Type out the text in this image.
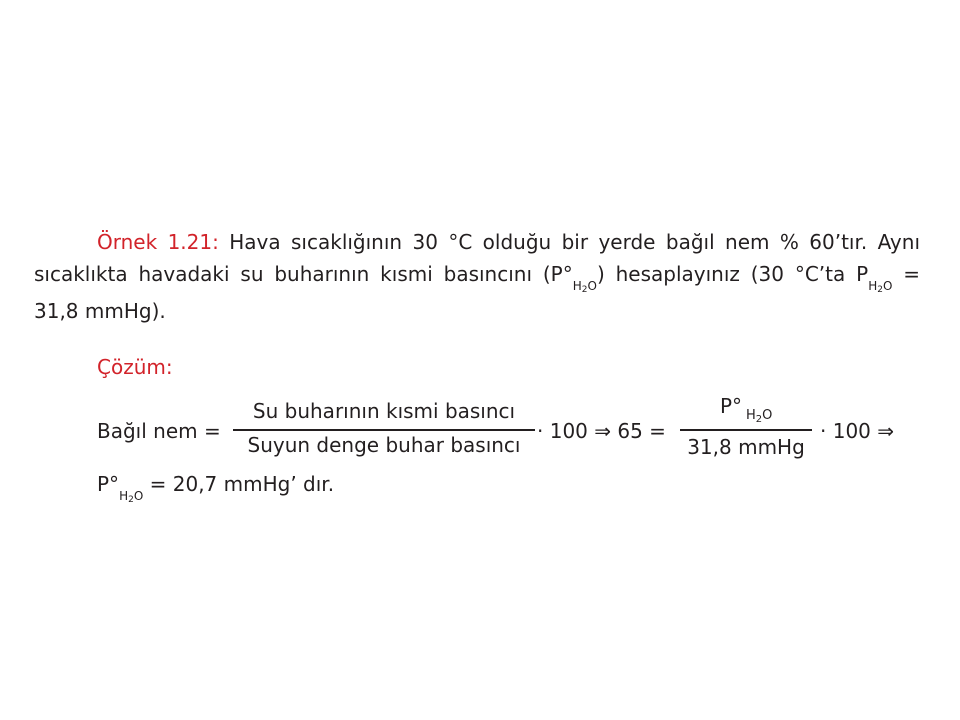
Örnek 1.21: Hava sıcaklığının 30 °C olduğu bir yerde bağıl nem % 60’tır. Aynı sıcaklıkta havadaki su buharının kısmi basıncını $(P^\circ_{H2O})$ hesaplayınız (30 °C’ta $P_{H2O} = 31,8$ mmHg).
Çözüm:
Bağıl nem =
Su buharının kısmi basıncı
Suyun denge buhar basıncı
· 100 ⇒ 65 =
P° $H_2O$
31,8 mmHg
· 100 ⇒
$P^\circ_{H2O} = 20,7$ mmHg’ dır.
